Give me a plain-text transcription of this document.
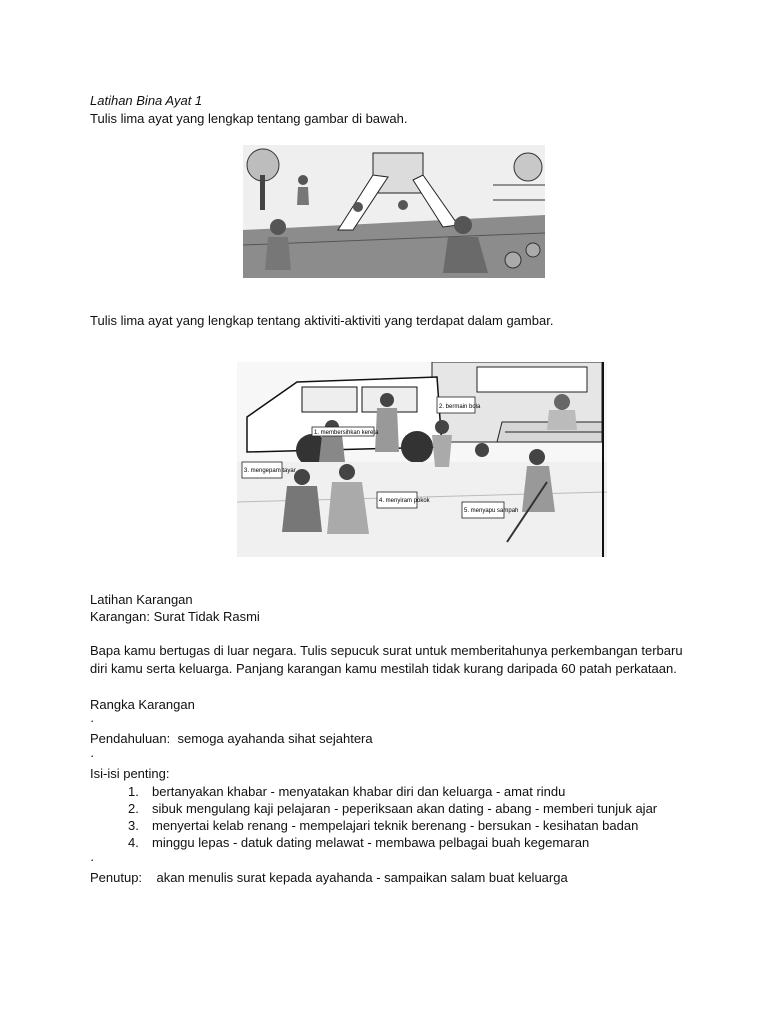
Latihan Bina Ayat 1
Tulis lima ayat yang lengkap tentang gambar di bawah.
Tulis lima ayat yang lengkap tentang aktiviti-aktiviti yang terdapat dalam gambar.
2. bermain bola
1. membersihkan kereta
3. mengepam tayar
4. menyiram pokok
5. menyapu sampah
Latihan Karangan
Karangan: Surat Tidak Rasmi
Bapa kamu bertugas di luar negara. Tulis sepucuk surat untuk memberitahunya perkembangan terbaru
diri kamu serta keluarga. Panjang karangan kamu mestilah tidak kurang daripada 60 patah perkataan.
Rangka Karangan
·
Pendahuluan: semoga ayahanda sihat sejahtera
·
Isi-isi penting:
1. bertanyakan khabar - menyatakan khabar diri dan keluarga - amat rindu
2. sibuk mengulang kaji pelajaran - peperiksaan akan dating - abang - memberi tunjuk ajar
3. menyertai kelab renang - mempelajari teknik berenang - bersukan - kesihatan badan
4. minggu lepas - datuk dating melawat - membawa pelbagai buah kegemaran
·
Penutup: akan menulis surat kepada ayahanda - sampaikan salam buat keluarga
